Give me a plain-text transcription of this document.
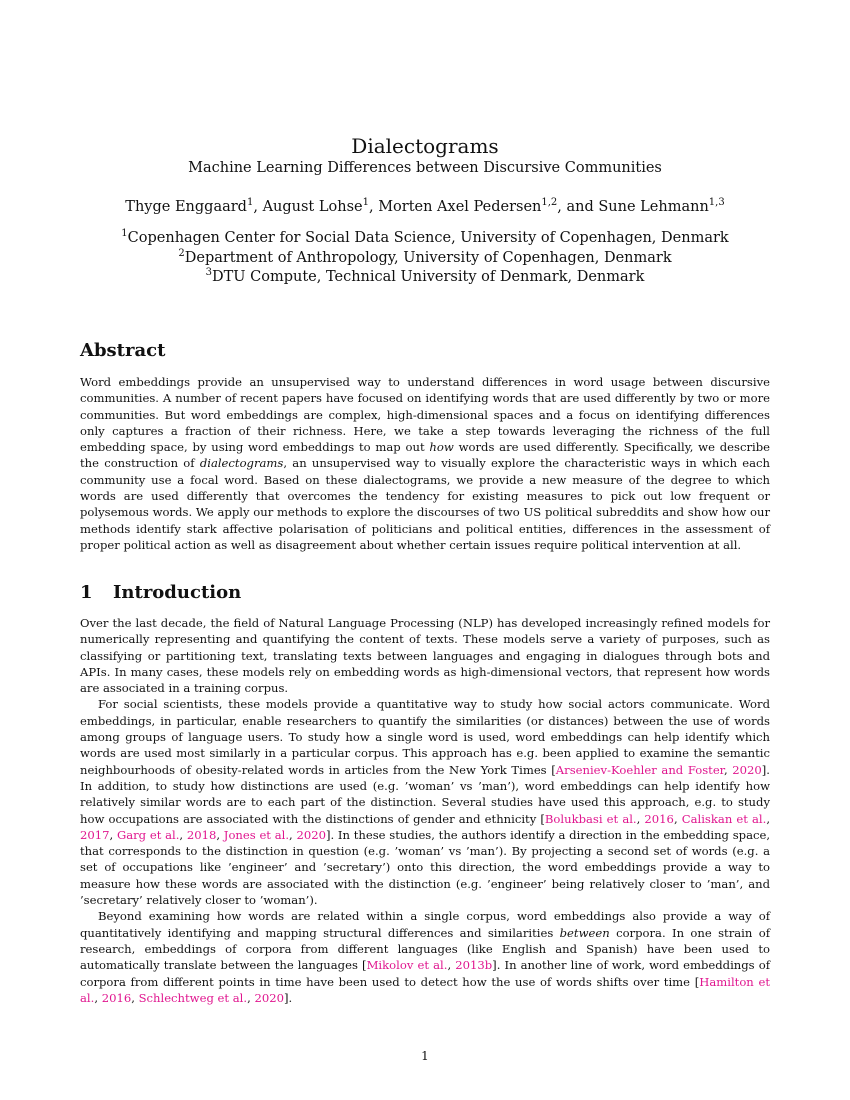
Dialectograms
Machine Learning Differences between Discursive Communities
Thyge Enggaard$^1$, August Lohse$^1$, Morten Axel Pedersen$^{1,2}$, and Sune Lehmann$^{1,3}$
$^1$Copenhagen Center for Social Data Science, University of Copenhagen, Denmark
$^2$Department of Anthropology, University of Copenhagen, Denmark
$^3$DTU Compute, Technical University of Denmark, Denmark
Abstract

Word embeddings provide an unsupervised way to understand differences in word usage between discursive communities. A number of recent papers have focused on identifying words that are used differently by two or more communities. But word embeddings are complex, high-dimensional spaces and a focus on identifying differences only captures a fraction of their richness. Here, we take a step towards leveraging the richness of the full embedding space, by using word embeddings to map out how words are used differently. Specifically, we describe the construction of dialectograms, an unsupervised way to visually explore the characteristic ways in which each community use a focal word. Based on these dialectograms, we provide a new measure of the degree to which words are used differently that overcomes the tendency for existing measures to pick out low frequent or polysemous words. We apply our methods to explore the discourses of two US political subreddits and show how our methods identify stark affective polarisation of politicians and political entities, differences in the assessment of proper political action as well as disagreement about whether certain issues require political intervention at all.

1 Introduction

Over the last decade, the field of Natural Language Processing (NLP) has developed increasingly refined models for numerically representing and quantifying the content of texts. These models serve a variety of purposes, such as classifying or partitioning text, translating texts between languages and engaging in dialogues through bots and APIs. In many cases, these models rely on embedding words as high-dimensional vectors, that represent how words are associated in a training corpus.

For social scientists, these models provide a quantitative way to study how social actors communicate. Word embeddings, in particular, enable researchers to quantify the similarities (or distances) between the use of words among groups of language users. To study how a single word is used, word embeddings can help identify which words are used most similarly in a particular corpus. This approach has e.g. been applied to examine the semantic neighbourhoods of obesity-related words in articles from the New York Times [Arseniev-Koehler and Foster, 2020]. In addition, to study how distinctions are used (e.g. ’woman’ vs ’man’), word embeddings can help identify how relatively similar words are to each part of the distinction. Several studies have used this approach, e.g. to study how occupations are associated with the distinctions of gender and ethnicity [Bolukbasi et al., 2016, Caliskan et al., 2017, Garg et al., 2018, Jones et al., 2020]. In these studies, the authors identify a direction in the embedding space, that corresponds to the distinction in question (e.g. ’woman’ vs ’man’). By projecting a second set of words (e.g. a set of occupations like ’engineer’ and ’secretary’) onto this direction, the word embeddings provide a way to measure how these words are associated with the distinction (e.g. ’engineer’ being relatively closer to ’man’, and ’secretary’ relatively closer to ’woman’).

Beyond examining how words are related within a single corpus, word embeddings also provide a way of quantitatively identifying and mapping structural differences and similarities between corpora. In one strain of research, embeddings of corpora from different languages (like English and Spanish) have been used to automatically translate between the languages [Mikolov et al., 2013b]. In another line of work, word embeddings of corpora from different points in time have been used to detect how the use of words shifts over time [Hamilton et al., 2016, Schlechtweg et al., 2020].

1
